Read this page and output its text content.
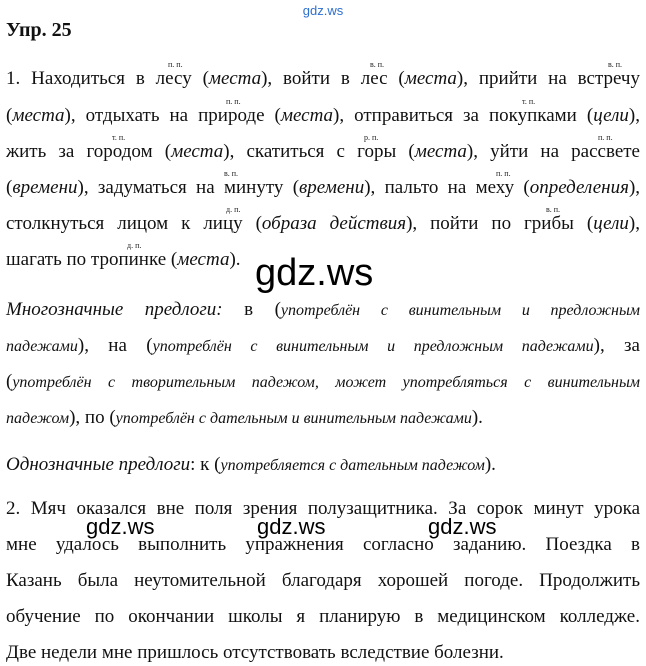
gdz.ws
Упр. 25
п. п.	в. п.	в. п.
п. п.	т. п.
т. п.	р. п.	п. п.
в. п.	п. п.
д. п.	в. п.
д. п.
1. Находиться в лесу (места), войти в лес (места), прийти на встречу
(места), отдыхать на природе (места), отправиться за покупками (цели),
жить за городом (места), скатиться с горы (места), уйти на рассвете
(времени), задуматься на минуту (времени), пальто на меху (определения),
столкнуться лицом к лицу (образа действия), пойти по грибы (цели),
шагать по тропинке (места). gdz.ws
Многозначные предлоги: в (употреблён с винительным и предложным
падежами), на (употреблён с винительным и предложным падежами), за
(употреблён с творительным падежом, может употребляться с винительным
падежом), по (употреблён с дательным и винительным падежами).
Однозначные предлоги: к (употребляется с дательным падежом).
2. Мяч оказался вне поля зрения полузащитника. За сорок минут урока
мне удалось выполнить упражнения согласно заданию. Поездка в
Казань была неутомительной благодаря хорошей погоде. Продолжить
обучение по окончании школы я планирую в медицинском колледже.
Две недели мне пришлось отсутствовать вследствие болезни.
gdz.ws	gdz.ws	gdz.ws
